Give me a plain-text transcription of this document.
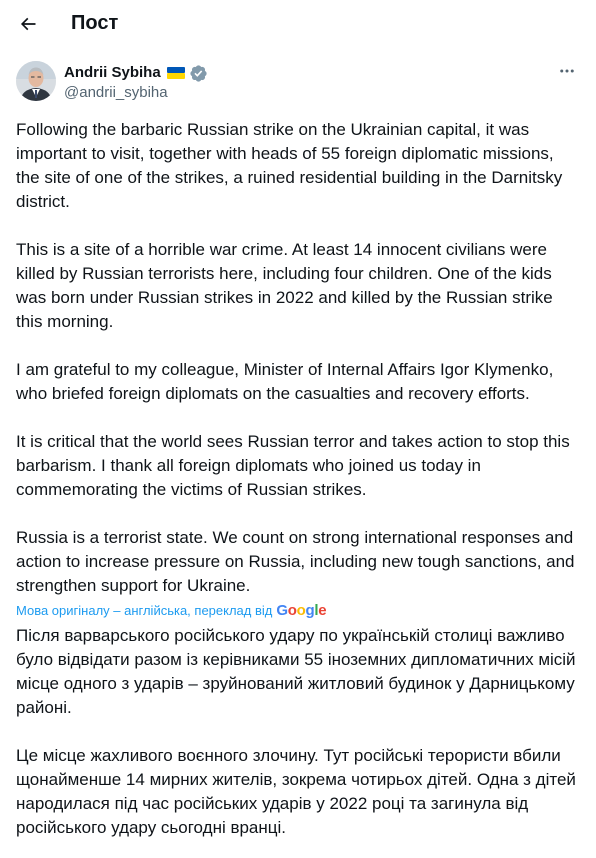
Пост
Andrii Sybiha
@andrii_sybiha

Following the barbaric Russian strike on the Ukrainian capital, it was important to visit, together with heads of 55 foreign diplomatic missions, the site of one of the strikes, a ruined residential building in the Darnitsky district.

This is a site of a horrible war crime. At least 14 innocent civilians were killed by Russian terrorists here, including four children. One of the kids was born under Russian strikes in 2022 and killed by the Russian strike this morning.

I am grateful to my colleague, Minister of Internal Affairs Igor Klymenko, who briefed foreign diplomats on the casualties and recovery efforts.

It is critical that the world sees Russian terror and takes action to stop this barbarism. I thank all foreign diplomats who joined us today in commemorating the victims of Russian strikes.

Russia is a terrorist state. We count on strong international responses and action to increase pressure on Russia, including new tough sanctions, and strengthen support for Ukraine.

Мова оригіналу – англійська, переклад від G o o g l e

Після варварського російського удару по українській столиці важливо було відвідати разом із керівниками 55 іноземних дипломатичних місій місце одного з ударів – зруйнований житловий будинок у Дарницькому районі.

Це місце жахливого воєнного злочину. Тут російські терористи вбили щонайменше 14 мирних жителів, зокрема чотирьох дітей. Одна з дітей народилася під час російських ударів у 2022 році та загинула від російського удару сьогодні вранці.
